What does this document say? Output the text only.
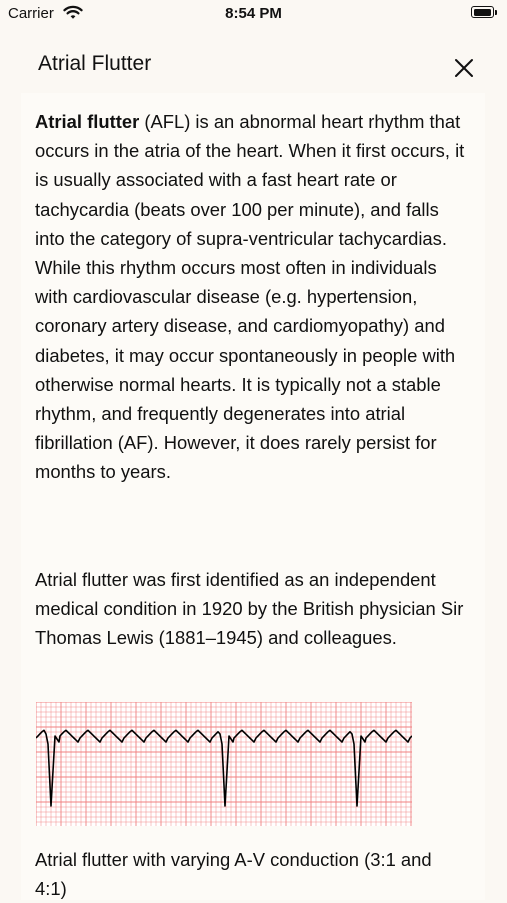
Carrier	8:54 PM
Atrial Flutter

Atrial flutter (AFL) is an abnormal heart rhythm that occurs in the atria of the heart. When it first occurs, it is usually associated with a fast heart rate or tachycardia (beats over 100 per minute), and falls into the category of supra-ventricular tachycardias. While this rhythm occurs most often in individuals with cardiovascular disease (e.g. hypertension, coronary artery disease, and cardiomyopathy) and diabetes, it may occur spontaneously in people with otherwise normal hearts. It is typically not a stable rhythm, and frequently degenerates into atrial fibrillation (AF). However, it does rarely persist for months to years.

Atrial flutter was first identified as an independent medical condition in 1920 by the British physician Sir Thomas Lewis (1881–1945) and colleagues.

Atrial flutter with varying A-V conduction (3:1 and 4:1)
